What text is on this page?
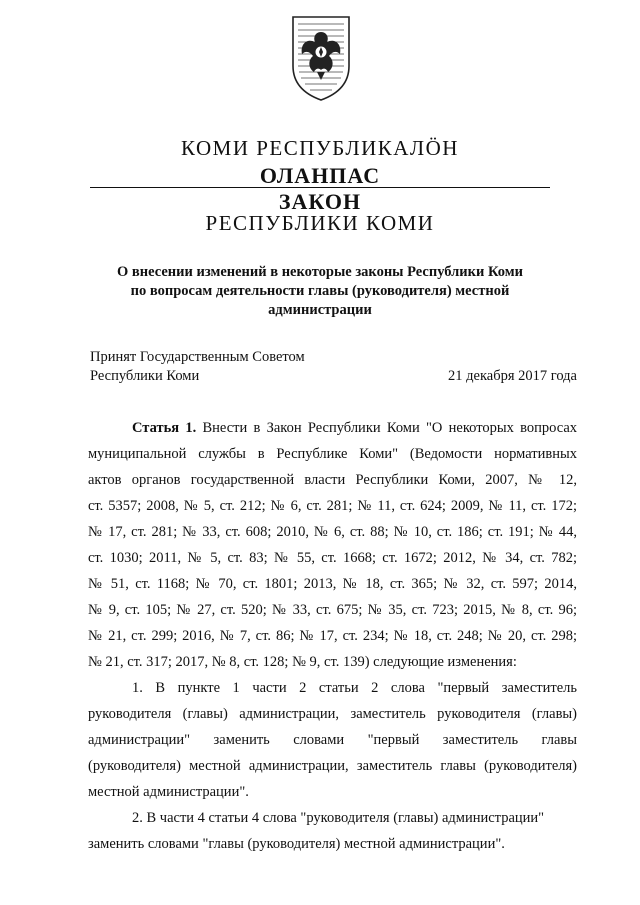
КОМИ РЕСПУБЛИКАЛӦН
ОЛАНПАС
ЗАКОН
РЕСПУБЛИКИ КОМИ
О внесении изменений в некоторые законы Республики Коми
по вопросам деятельности главы (руководителя) местной
администрации
Принят Государственным Советом
Республики Коми	21 декабря 2017 года
Статья 1. Внести в Закон Республики Коми "О некоторых вопросах
муниципальной службы в Республике Коми" (Ведомости нормативных
актов органов государственной власти Республики Коми, 2007, № 12,
ст. 5357; 2008, № 5, ст. 212; № 6, ст. 281; № 11, ст. 624; 2009, № 11, ст. 172;
№ 17, ст. 281; № 33, ст. 608; 2010, № 6, ст. 88; № 10, ст. 186; ст. 191; № 44,
ст. 1030; 2011, № 5, ст. 83; № 55, ст. 1668; ст. 1672; 2012, № 34, ст. 782;
№ 51, ст. 1168; № 70, ст. 1801; 2013, № 18, ст. 365; № 32, ст. 597; 2014,
№ 9, ст. 105; № 27, ст. 520; № 33, ст. 675; № 35, ст. 723; 2015, № 8, ст. 96;
№ 21, ст. 299; 2016, № 7, ст. 86; № 17, ст. 234; № 18, ст. 248; № 20, ст. 298;
№ 21, ст. 317; 2017, № 8, ст. 128; № 9, ст. 139) следующие изменения:
1. В пункте 1 части 2 статьи 2 слова "первый заместитель
руководителя (главы) администрации, заместитель руководителя (главы)
администрации" заменить словами "первый заместитель главы
(руководителя) местной администрации, заместитель главы (руководителя)
местной администрации".
2. В части 4 статьи 4 слова "руководителя (главы) администрации"
заменить словами "главы (руководителя) местной администрации".
